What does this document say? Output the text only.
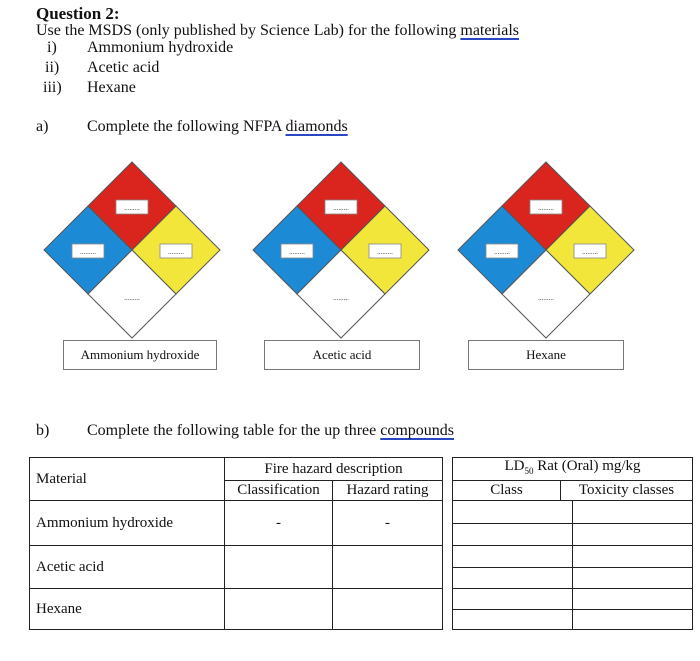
Question 2:
Use the MSDS (only published by Science Lab) for the following materials
i) Ammonium hydroxide
ii) Acetic acid
iii) Hexane
a) Complete the following NFPA diamonds
.........
.........	.........
.........
.........
.........	.........
.........
.........
.........	.........
.........
Ammonium hydroxide	Acetic acid	Hexane
b) Complete the following table for the up three compounds
Material	Fire hazard description			$LD_{50}$ Rat (Oral) mg/kg	
	Classification	Hazard rating		Class	Toxicity classes
Ammonium hydroxide	-	-			

Acetic acid					

Hexane					
